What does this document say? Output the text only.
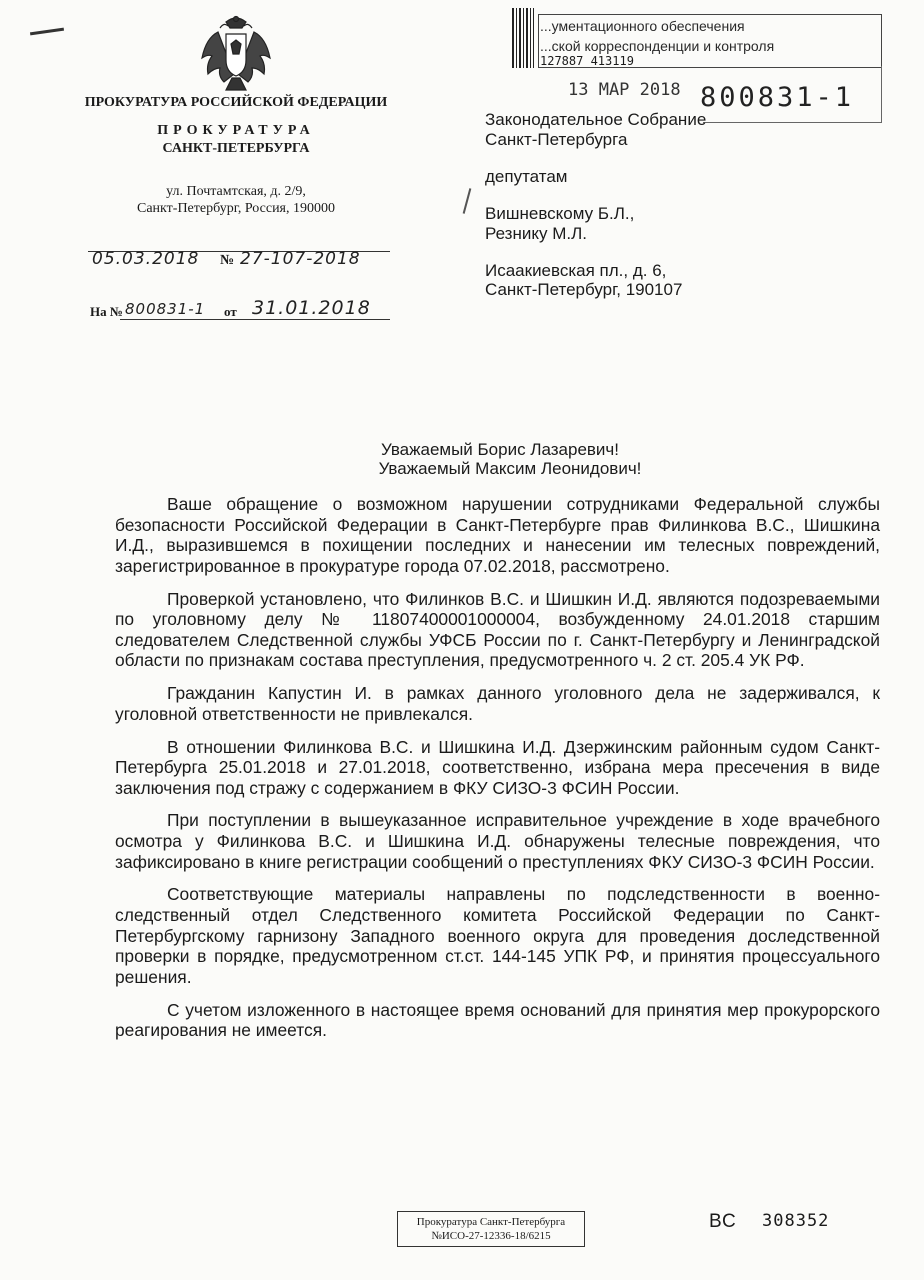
ПРОКУРАТУРА РОССИЙСКОЙ ФЕДЕРАЦИИ
ПРОКУРАТУРА
САНКТ-ПЕТЕРБУРГА
ул. Почтамтская, д. 2/9,
Санкт-Петербург, Россия, 190000
05.03.2018 № 27-107-2018
На № 800831-1 от 31.01.2018
...ументационного обеспечения
...ской корреспонденции и контроля
127887 413119
13 MAP 2018 800831-1
Законодательное Собрание
Санкт-Петербурга
депутатам
Вишневскому Б.Л.,
Резнику М.Л.
Исаакиевская пл., д. 6,
Санкт-Петербург, 190107
Уважаемый Борис Лазаревич!
Уважаемый Максим Леонидович!

Ваше обращение о возможном нарушении сотрудниками Федеральной службы безопасности Российской Федерации в Санкт-Петербурге прав Филинкова В.С., Шишкина И.Д., выразившемся в похищении последних и нанесении им телесных повреждений, зарегистрированное в прокуратуре города 07.02.2018, рассмотрено.

Проверкой установлено, что Филинков В.С. и Шишкин И.Д. являются подозреваемыми по уголовному делу № 11807400001000004, возбужденному 24.01.2018 старшим следователем Следственной службы УФСБ России по г. Санкт-Петербургу и Ленинградской области по признакам состава преступления, предусмотренного ч. 2 ст. 205.4 УК РФ.

Гражданин Капустин И. в рамках данного уголовного дела не задерживался, к уголовной ответственности не привлекался.

В отношении Филинкова В.С. и Шишкина И.Д. Дзержинским районным судом Санкт-Петербурга 25.01.2018 и 27.01.2018, соответственно, избрана мера пресечения в виде заключения под стражу с содержанием в ФКУ СИЗО-3 ФСИН России.

При поступлении в вышеуказанное исправительное учреждение в ходе врачебного осмотра у Филинкова В.С. и Шишкина И.Д. обнаружены телесные повреждения, что зафиксировано в книге регистрации сообщений о преступлениях ФКУ СИЗО-3 ФСИН России.

Соответствующие материалы направлены по подследственности в военно-следственный отдел Следственного комитета Российской Федерации по Санкт-Петербургскому гарнизону Западного военного округа для проведения доследственной проверки в порядке, предусмотренном ст.ст. 144-145 УПК РФ, и принятия процессуального решения.

С учетом изложенного в настоящее время оснований для принятия мер прокурорского реагирования не имеется.

Прокуратура Санкт-Петербурга
№ИСО-27-12336-18/6215
ВС 308352
